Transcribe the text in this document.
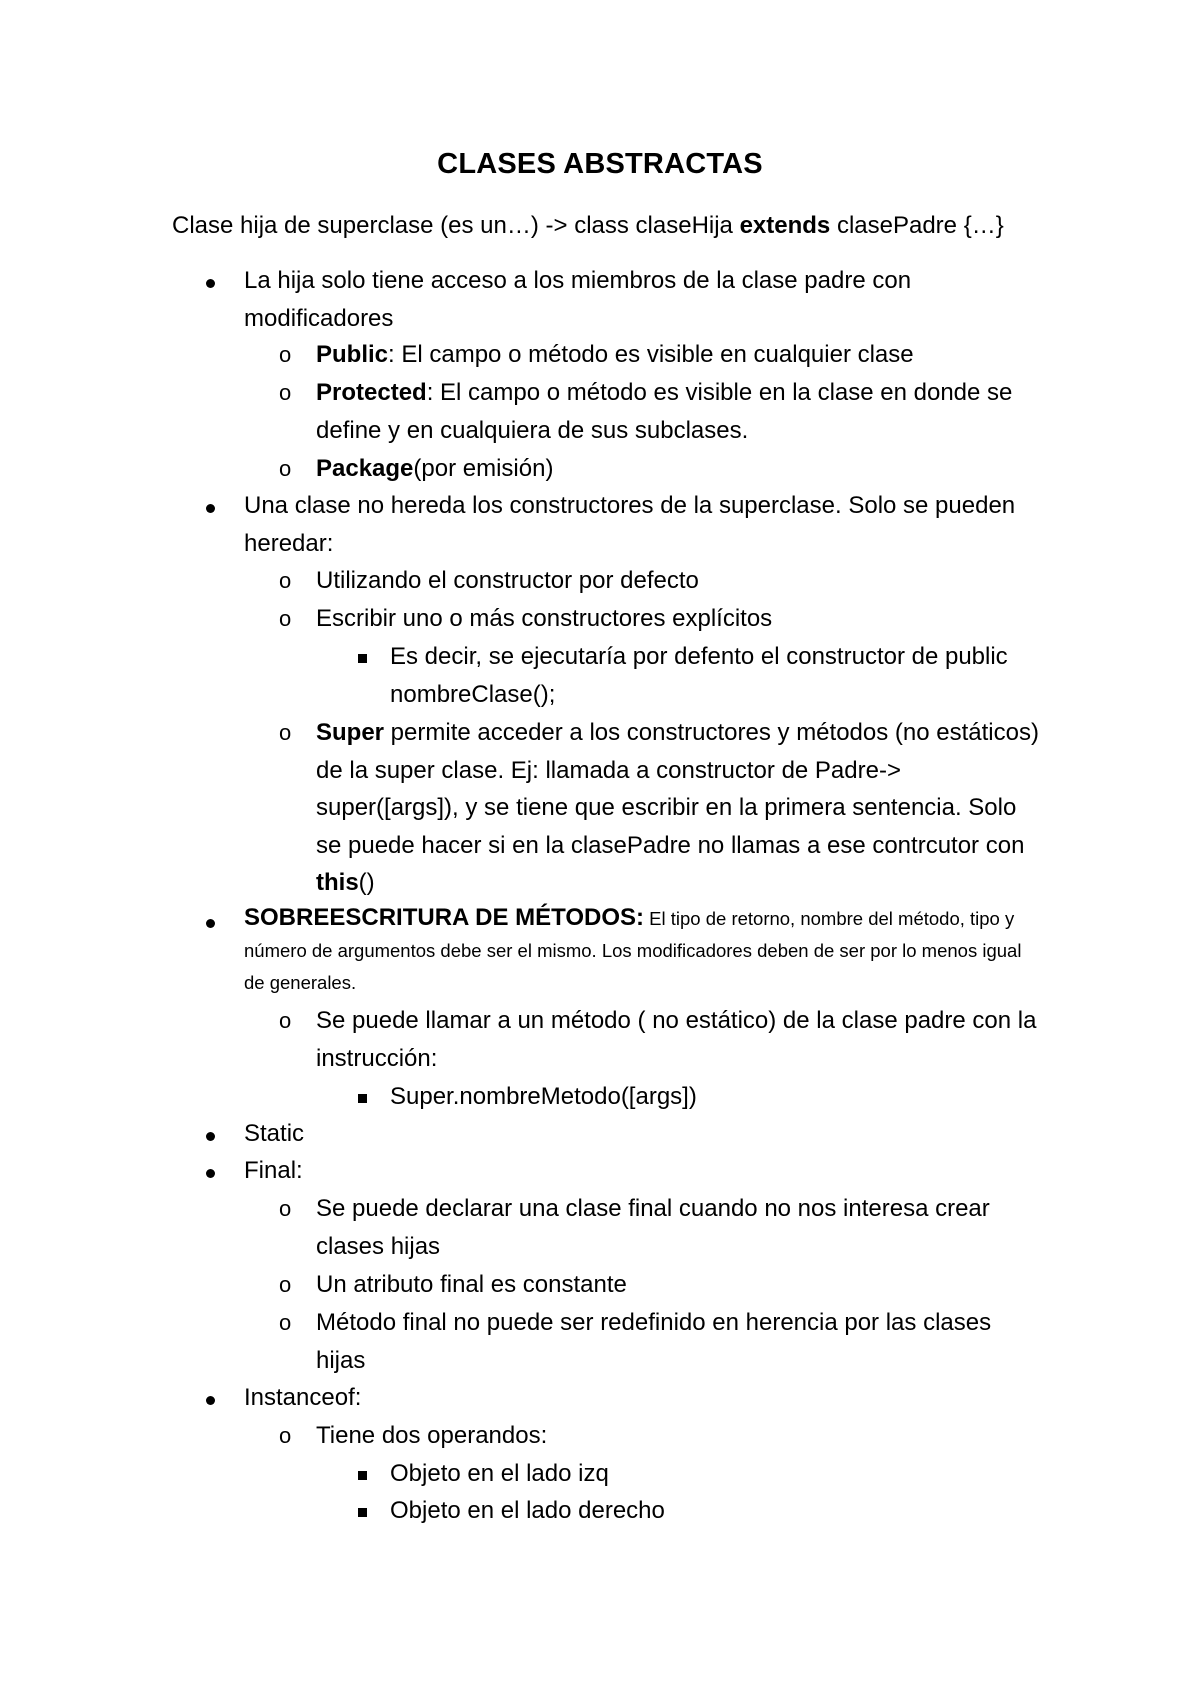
CLASES ABSTRACTAS
Clase hija de superclase (es un…) -> class claseHija extends clasePadre {…}
La hija solo tiene acceso a los miembros de la clase padre con modificadores
o Public: El campo o método es visible en cualquier clase
o Protected: El campo o método es visible en la clase en donde se define y en cualquiera de sus subclases.
o Package(por emisión)
Una clase no hereda los constructores de la superclase. Solo se pueden heredar:
o Utilizando el constructor por defecto
o Escribir uno o más constructores explícitos
Es decir, se ejecutaría por defento el constructor de public nombreClase();
o Super permite acceder a los constructores y métodos (no estáticos) de la super clase. Ej: llamada a constructor de Padre-> super([args]), y se tiene que escribir en la primera sentencia. Solo se puede hacer si en la clasePadre no llamas a ese contrcutor con this()
SOBREESCRITURA DE MÉTODOS: El tipo de retorno, nombre del método, tipo y número de argumentos debe ser el mismo. Los modificadores deben de ser por lo menos igual de generales.
o Se puede llamar a un método ( no estático) de la clase padre con la instrucción:
Super.nombreMetodo([args])
Static
Final:
o Se puede declarar una clase final cuando no nos interesa crear clases hijas
o Un atributo final es constante
o Método final no puede ser redefinido en herencia por las clases hijas
Instanceof:
o Tiene dos operandos:
Objeto en el lado izq
Objeto en el lado derecho
